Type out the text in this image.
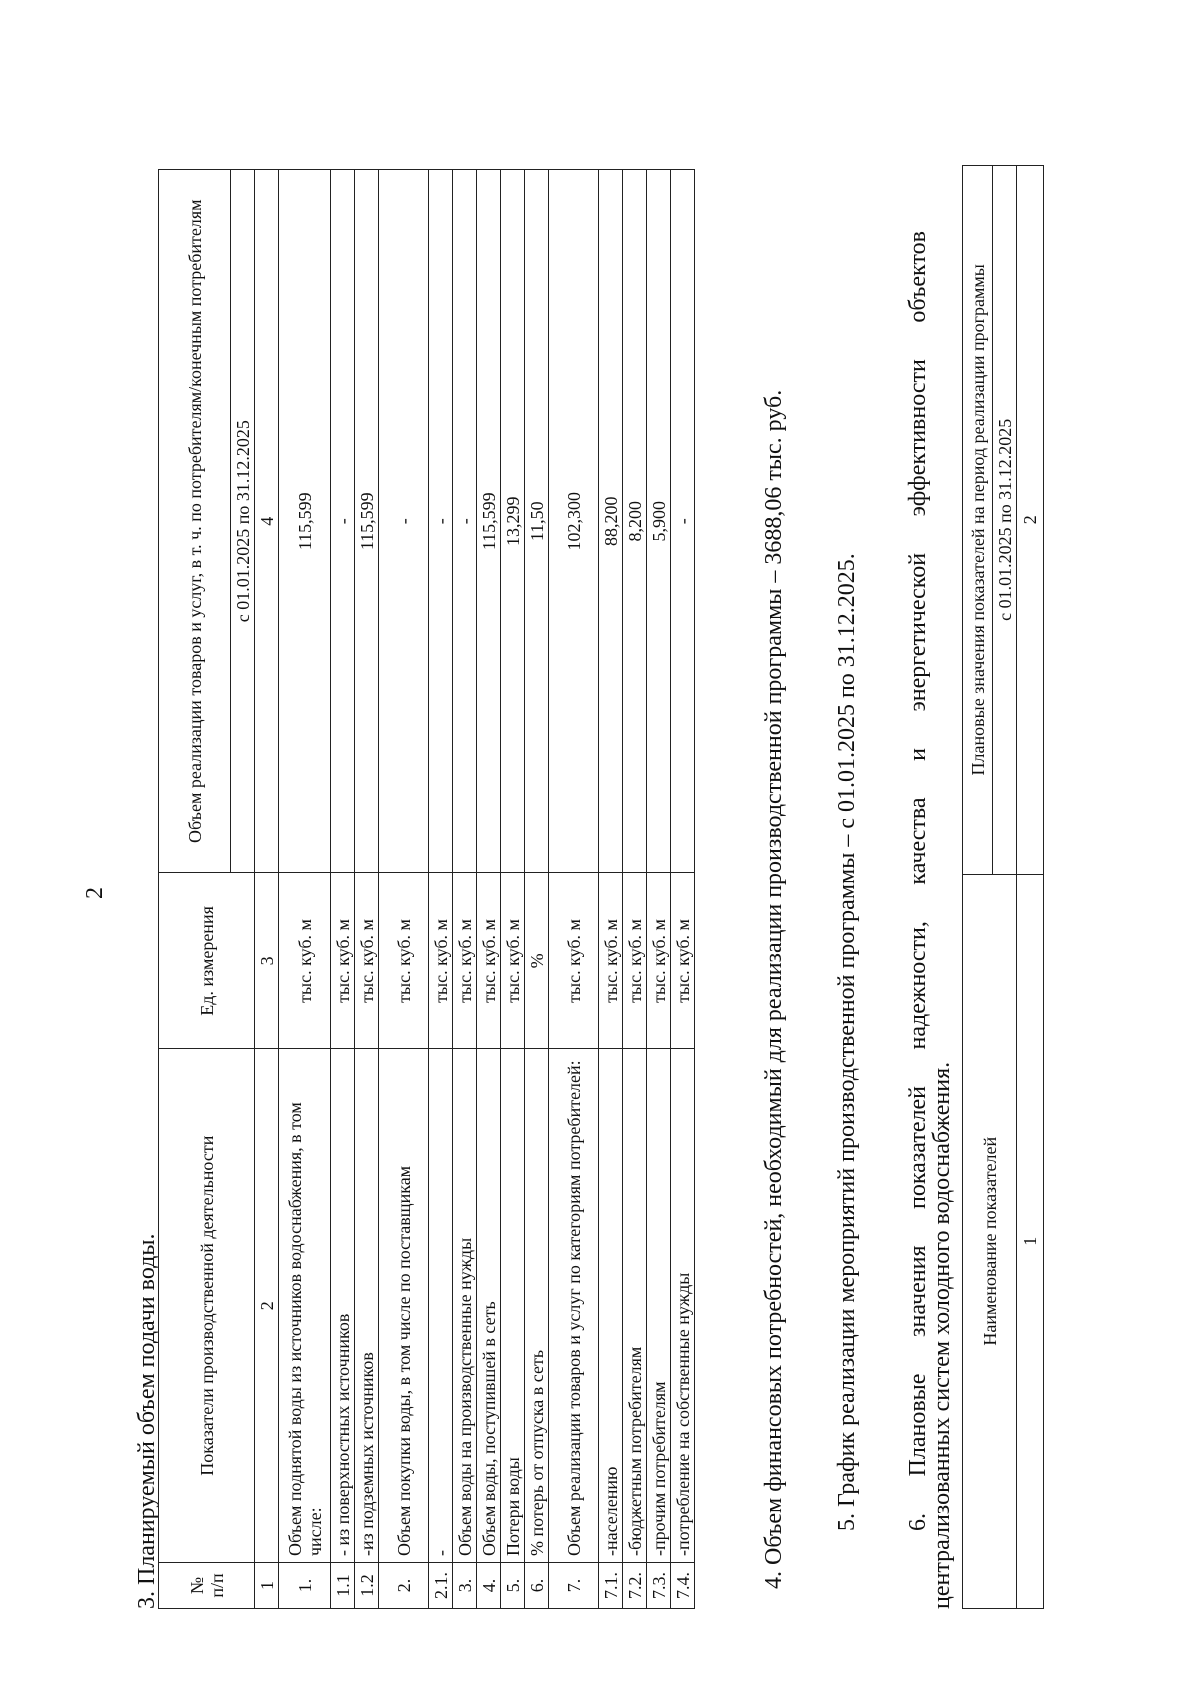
2
3. Планируемый объем подачи воды. № п/п	Показатели производственной деятельности	Ед. измерения	Объем реализации товаров и услуг, в т. ч. по потребителям/конечным потребителям
			с 01.01.2025 по 31.12.2025
1	2	3	4
1.	Объем поднятой воды из источников водоснабжения, в том числе:	тыс. куб. м	115,599
1.1	- из поверхностных источников	тыс. куб. м	-
1.2	-из подземных источников	тыс. куб. м	115,599
2.	Объем покупки воды, в том числе по поставщикам	тыс. куб. м	-
2.1.	-	тыс. куб. м	-
3.	Объем воды на производственные нужды	тыс. куб. м	-
4.	Объем воды, поступившей в сеть	тыс. куб. м	115,599
5.	Потери воды	тыс. куб. м	13,299
6.	% потерь от отпуска в сеть	%	11,50
7.	Объем реализации товаров и услуг по категориям потребителей:	тыс. куб. м	102,300
7.1.	-населению	тыс. куб. м	88,200
7.2.	-бюджетным потребителям	тыс. куб. м	8,200
7.3.	-прочим потребителям	тыс. куб. м	5,900
7.4.	-потребление на собственные нужды	тыс. куб. м	-	4. Объем финансовых потребностей, необходимый для реализации производственной программы – 3688,06 тыс. руб. 5. График реализации мероприятий производственной программы – с 01.01.2025 по 31.12.2025. 6.
Плановые
значения
показателей
надежности,
качества
и
энергетической
эффективности
объектов
централизованных систем холодного водоснабжения. Наименование показателей	Плановые значения показателей на период реализации программы
	с 01.01.2025 по 31.12.2025
1	2
